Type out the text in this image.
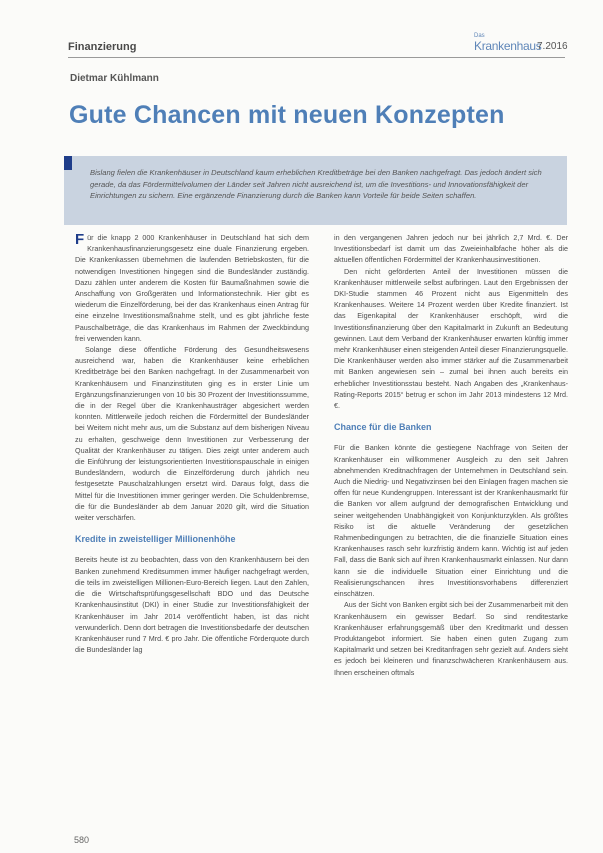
Finanzierung
Das
Krankenhaus
7.2016
Dietmar Kühlmann
Gute Chancen mit neuen Konzepten
Bislang fielen die Krankenhäuser in Deutschland kaum erheblichen Kreditbeträge bei den Banken nachgefragt. Das jedoch ändert sich gerade, da das Fördermittelvolumen der Länder seit Jahren nicht ausreichend ist, um die Investitions- und Innovationsfähigkeit der Einrichtungen zu sichern. Eine ergänzende Finanzierung durch die Banken kann Vorteile für beide Seiten schaffen.

Für die knapp 2 000 Krankenhäuser in Deutschland hat sich dem Krankenhausfinanzierungsgesetz eine duale Finanzierung ergeben. Die Krankenkassen übernehmen die laufenden Betriebskosten, für die notwendigen Investitionen hingegen sind die Bundesländer zuständig. Dazu zählen unter anderem die Kosten für Baumaßnahmen sowie die Anschaffung von Großgeräten und Informationstechnik. Hier gibt es wiederum die Einzelförderung, bei der das Krankenhaus einen Antrag für eine einzelne Investitionsmaßnahme stellt, und es gibt jährliche feste Pauschalbeträge, die das Krankenhaus im Rahmen der Zweckbindung frei verwenden kann.

Solange diese öffentliche Förderung des Gesundheitswesens ausreichend war, haben die Krankenhäuser keine erheblichen Kreditbeträge bei den Banken nachgefragt. In der Zusammenarbeit von Krankenhäusern und Finanzinstituten ging es in erster Linie um Ergänzungsfinanzierungen von 10 bis 30 Prozent der Investitionssumme, die in der Regel über die Krankenhausträger abgesichert werden konnten. Mittlerweile jedoch reichen die Fördermittel der Bundesländer bei Weitem nicht mehr aus, um die Substanz auf dem bisherigen Niveau zu erhalten, geschweige denn Investitionen zur Verbesserung der Qualität der Krankenhäuser zu tätigen. Dies zeigt unter anderem auch die Einführung der leistungsorientierten Investitionspauschale in einigen Bundesländern, wodurch die Einzelförderung durch jährlich neu festgesetzte Pauschalzahlungen ersetzt wird. Daraus folgt, dass die Mittel für die Investitionen immer geringer werden. Die Schuldenbremse, die für die Bundesländer ab dem Januar 2020 gilt, wird die Situation weiter verschärfen.

Kredite in zweistelliger Millionenhöhe

Bereits heute ist zu beobachten, dass von den Krankenhäusern bei den Banken zunehmend Kreditsummen immer häufiger nachgefragt werden, die teils im zweistelligen Millionen-Euro-Bereich liegen. Laut den Zahlen, die die Wirtschaftsprüfungsgesellschaft BDO und das Deutsche Krankenhausinstitut (DKI) in einer Studie zur Investitionsfähigkeit der Krankenhäuser im Jahr 2014 veröffentlicht haben, ist das nicht verwunderlich. Denn dort betragen die Investitionsbedarfe der deutschen Krankenhäuser rund 7 Mrd. € pro Jahr. Die öffentliche Förderquote durch die Bundesländer lag

in den vergangenen Jahren jedoch nur bei jährlich 2,7 Mrd. €. Der Investitionsbedarf ist damit um das Zweieinhalbfache höher als die aktuellen öffentlichen Fördermittel der Krankenhausinvestitionen.

Den nicht geförderten Anteil der Investitionen müssen die Krankenhäuser mittlerweile selbst aufbringen. Laut den Ergebnissen der DKI-Studie stammen 46 Prozent nicht aus Eigenmitteln des Krankenhauses. Weitere 14 Prozent werden über Kredite finanziert. Ist das Eigenkapital der Krankenhäuser erschöpft, wird die Investitionsfinanzierung über den Kapitalmarkt in Zukunft an Bedeutung gewinnen. Laut dem Verband der Krankenhäuser erwarten künftig immer mehr Krankenhäuser einen steigenden Anteil dieser Finanzierungsquelle. Die Krankenhäuser werden also immer stärker auf die Zusammenarbeit mit Banken angewiesen sein – zumal bei ihnen auch bereits ein erheblicher Investitionsstau besteht. Nach Angaben des „Krankenhaus-Rating-Reports 2015“ betrug er schon im Jahr 2013 mindestens 12 Mrd. €.

Chance für die Banken

Für die Banken könnte die gestiegene Nachfrage von Seiten der Krankenhäuser ein willkommener Ausgleich zu den seit Jahren abnehmenden Kreditnachfragen der Unternehmen in Deutschland sein. Auch die Niedrig- und Negativzinsen bei den Einlagen fragen machen sie offen für neue Kundengruppen. Interessant ist der Krankenhausmarkt für die Banken vor allem aufgrund der demografischen Entwicklung und seiner weitgehenden Unabhängigkeit von Konjunkturzyklen. Als größtes Risiko ist die aktuelle Veränderung der gesetzlichen Rahmenbedingungen zu betrachten, die die finanzielle Situation eines Krankenhauses rasch sehr kurzfristig ändern kann. Wichtig ist auf jeden Fall, dass die Bank sich auf ihren Krankenhausmarkt einlassen. Nur dann kann sie die individuelle Situation einer Einrichtung und die Realisierungschancen ihres Investitionsvorhabens differenziert einschätzen.

Aus der Sicht von Banken ergibt sich bei der Zusammenarbeit mit den Krankenhäusern ein gewisser Bedarf. So sind renditestarke Krankenhäuser erfahrungsgemäß über den Kreditmarkt und dessen Produktangebot informiert. Sie haben einen guten Zugang zum Kapitalmarkt und setzen bei Kreditanfragen sehr gezielt auf. Anders sieht es jedoch bei kleineren und finanzschwächeren Krankenhäusern aus. Ihnen erscheinen oftmals

580
